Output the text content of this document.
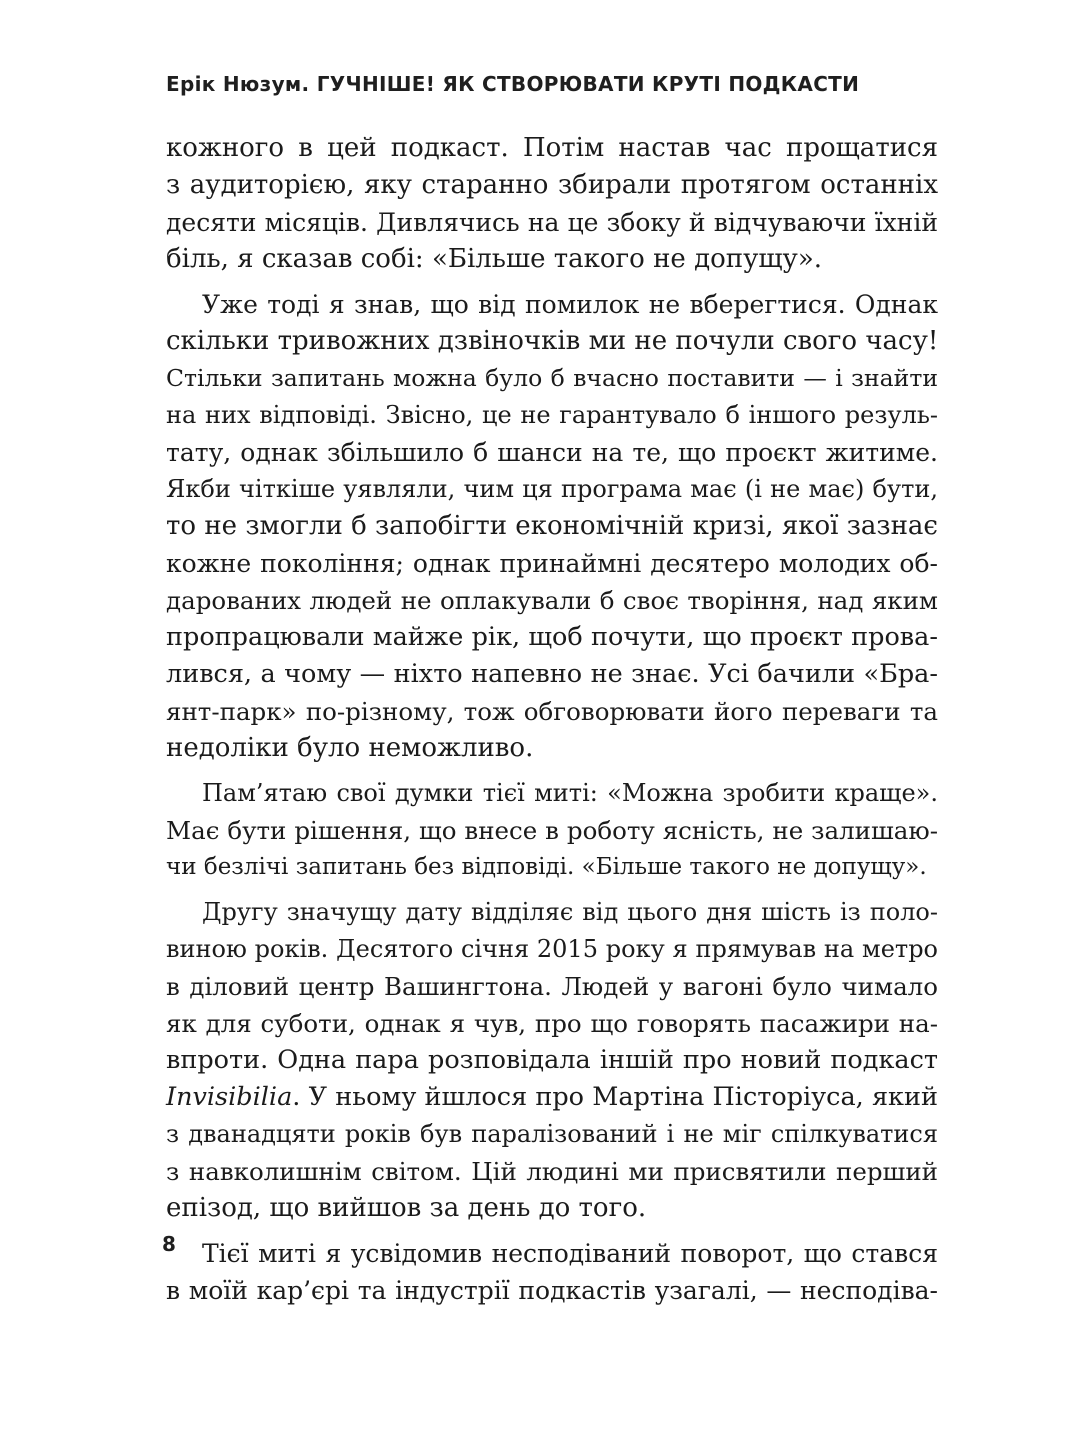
Ерік Нюзум. ГУЧНІШЕ! ЯК СТВОРЮВАТИ КРУТІ ПОДКАСТИ
кожного в цей подкаст. Потім настав час прощатися
з аудиторією, яку старанно збирали протягом останніх
десяти місяців. Дивлячись на це збоку й відчуваючи їхній
біль, я сказав собі: «Більше такого не допущу».
Уже тоді я знав, що від помилок не вберегтися. Однак
скільки тривожних дзвіночків ми не почули свого часу!
Стільки запитань можна було б вчасно поставити — і знайти
на них відповіді. Звісно, це не гарантувало б іншого резуль-
тату, однак збільшило б шанси на те, що проєкт житиме.
Якби чіткіше уявляли, чим ця програма має (і не має) бути,
то не змогли б запобігти економічній кризі, якої зазнає
кожне покоління; однак принаймні десятеро молодих об-
дарованих людей не оплакували б своє творіння, над яким
пропрацювали майже рік, щоб почути, що проєкт прова-
лився, а чому — ніхто напевно не знає. Усі бачили «Бра-
янт-парк» по-різному, тож обговорювати його переваги та
недоліки було неможливо.
Пам’ятаю свої думки тієї миті: «Можна зробити краще».
Має бути рішення, що внесе в роботу ясність, не залишаю-
чи безлічі запитань без відповіді. «Більше такого не допущу».
Другу значущу дату відділяє від цього дня шість із поло-
виною років. Десятого січня 2015 року я прямував на метро
в діловий центр Вашингтона. Людей у вагоні було чимало
як для суботи, однак я чув, про що говорять пасажири на-
впроти. Одна пара розповідала іншій про новий подкаст
Invisibilia. У ньому йшлося про Мартіна Пісторіуса, який
з дванадцяти років був паралізований і не міг спілкуватися
з навколишнім світом. Цій людині ми присвятили перший
епізод, що вийшов за день до того.
Тієї миті я усвідомив несподіваний поворот, що стався
в моїй кар’єрі та індустрії подкастів узагалі, — несподіва-
8
